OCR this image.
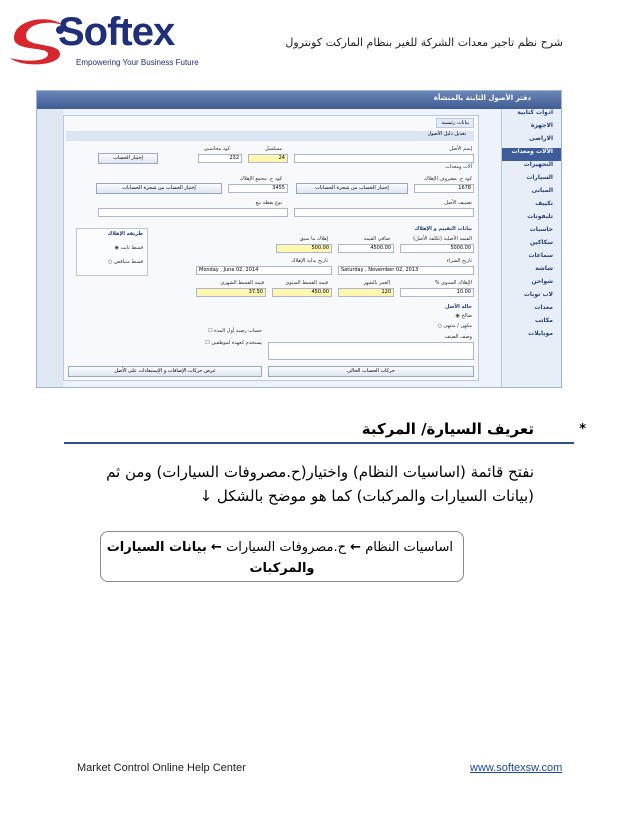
Softex
Empowering Your Business Future
شرح نظم تاجير معدات الشركة للغير بنظام الماركت كونترول
دفتر الأصول الثابتة بالمنشأة
ادوات كتابية
الاجهزة
الاراضى
الآلات ومعدات
التجهيزات
السيارات
المبانى
تكييف
تليفونات
حاسبات
سكاكين
سماعات
شاشة
شواحن
لاب توبات
معدات
مكاتب
موبايلات
بيانات رئيسية
تعديل دليل الأصول
إسم الأصل
مسلسل
كود محاسبى
24
232
إختيار الحساب
آلات ومعدات
كود ح. مصروف الإهلاك
كود ح. مجمع الإهلاك
1678
إختيار الحساب من شجرة الحسابات
3455
إختيار الحساب من شجرة الحسابات
تصنيف الأصل
نوع نقطة بيع
بيانات التقييم و الإهلاك
القيمة الأصلية (تكلفة الأصل)
صافى القيمة
إهلاك ما سبق
5000.00
4500.00
500.00
تاريخ الشراء
تاريخ بداية الإهلاك
Saturday , November 02, 2013
Monday , June 02, 2014
الإهلاك السنوى %
العمر بالشهر
قيمة القسط السنوى
قيمة القسط الشهرى
10.00
120
450.00
37.50
طريقة الإهلاك
قسط ثابت ◉
قسط متناقص ○
حالة الأصل
صالح ◉
مكهن / منتهى ○
وصف الصنف
حساب رصيد أول المدة ☐
يستخدم كعهدة لموظفين ☐
حركات الحساب الحالى
عرض حركات الإضافات و الإستبعادات على الأصل
تعريف السيارة/ المركبة	*
نفتح قائمة (اساسيات النظام) واختيار(ح.مصروفات السيارات) ومن ثم (بيانات السيارات والمركبات) كما هو موضح بالشكل ↓
اساسيات النظام ← ح.مصروفات السيارات ← بيانات السيارات
والمركبات
Market Control Online Help Center	www.softexsw.com
